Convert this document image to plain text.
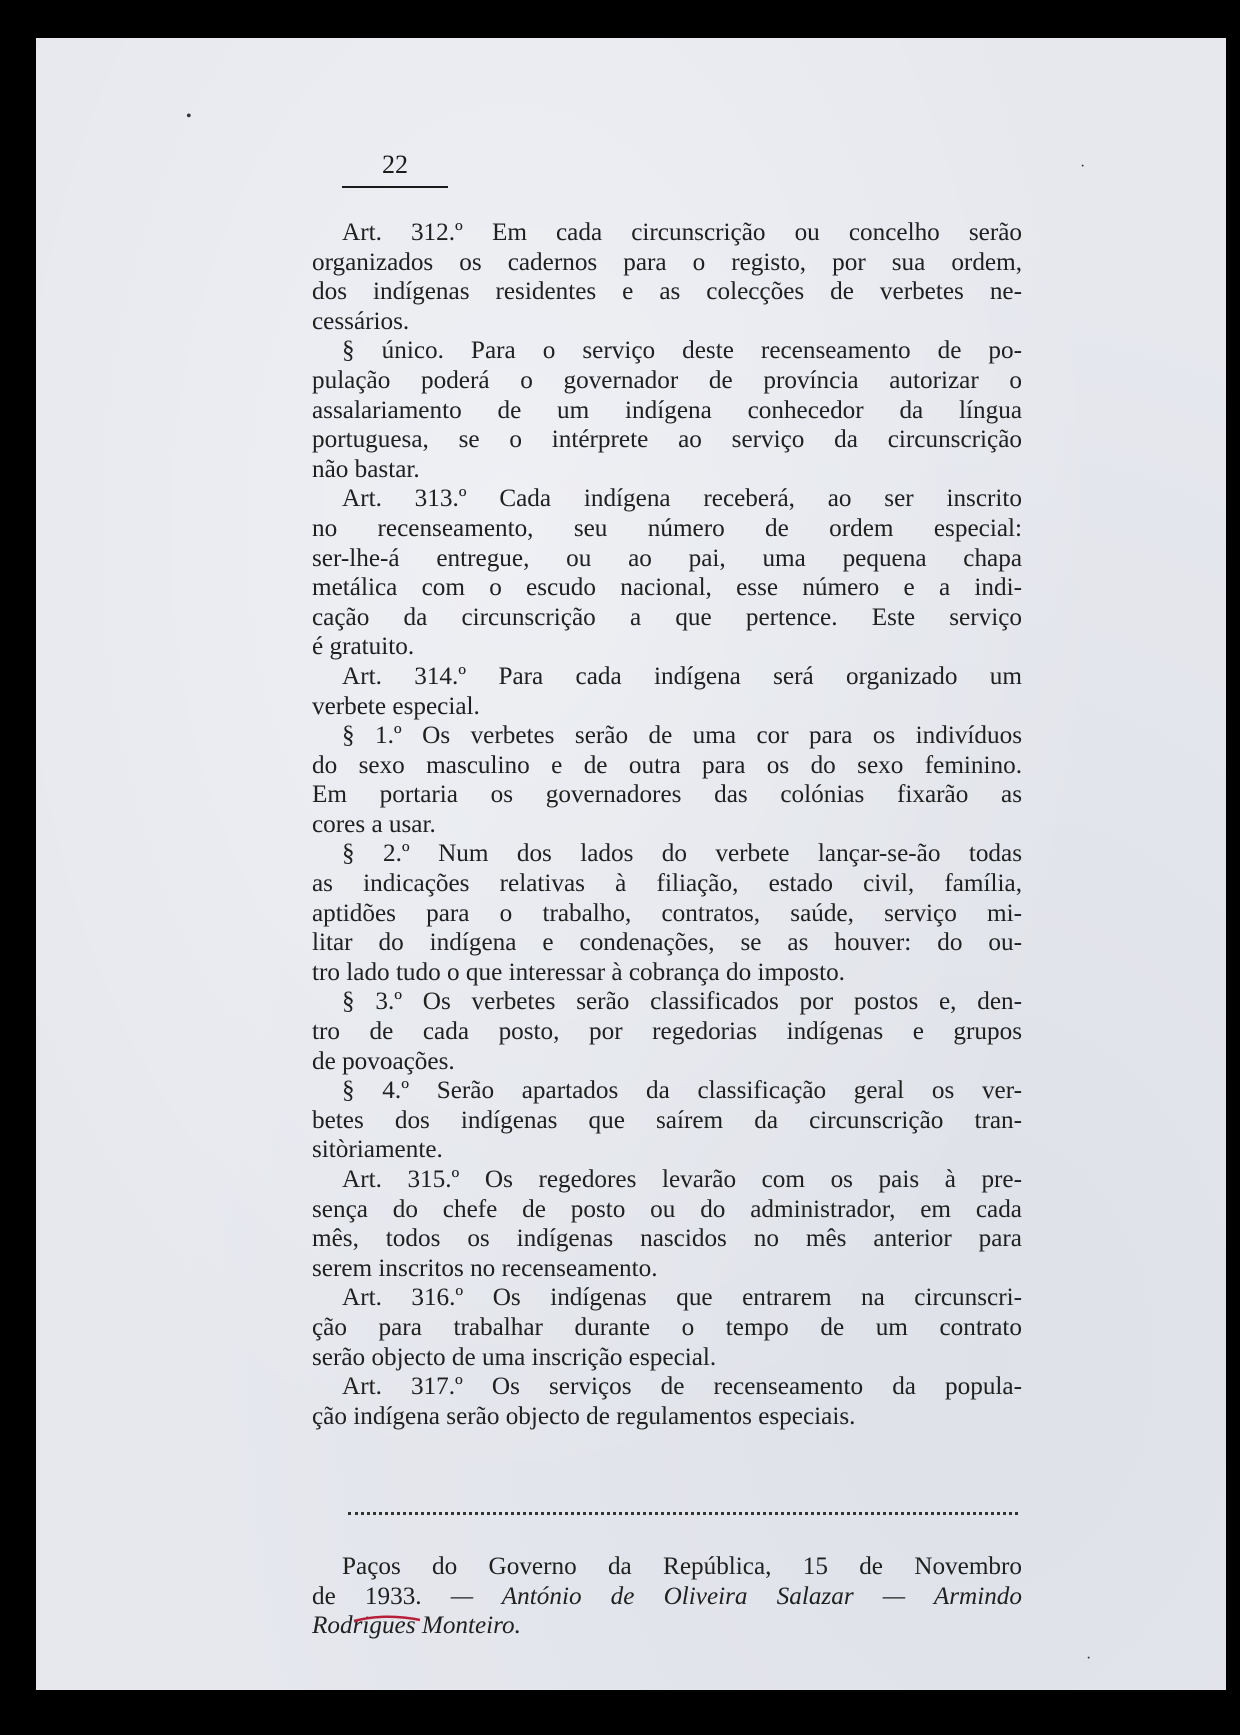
22
Art. 312.º Em cada circunscrição ou concelho serão
organizados os cadernos para o registo, por sua ordem,
dos indígenas residentes e as colecções de verbetes ne-
cessários.
§ único. Para o serviço deste recenseamento de po-
pulação poderá o governador de província autorizar o
assalariamento de um indígena conhecedor da língua
portuguesa, se o intérprete ao serviço da circunscrição
não bastar.
Art. 313.º Cada indígena receberá, ao ser inscrito
no recenseamento, seu número de ordem especial:
ser-lhe-á entregue, ou ao pai, uma pequena chapa
metálica com o escudo nacional, esse número e a indi-
cação da circunscrição a que pertence. Este serviço
é gratuito.
Art. 314.º Para cada indígena será organizado um
verbete especial.
§ 1.º Os verbetes serão de uma cor para os indivíduos
do sexo masculino e de outra para os do sexo feminino.
Em portaria os governadores das colónias fixarão as
cores a usar.
§ 2.º Num dos lados do verbete lançar-se-ão todas
as indicações relativas à filiação, estado civil, família,
aptidões para o trabalho, contratos, saúde, serviço mi-
litar do indígena e condenações, se as houver: do ou-
tro lado tudo o que interessar à cobrança do imposto.
§ 3.º Os verbetes serão classificados por postos e, den-
tro de cada posto, por regedorias indígenas e grupos
de povoações.
§ 4.º Serão apartados da classificação geral os ver-
betes dos indígenas que saírem da circunscrição tran-
sitòriamente.
Art. 315.º Os regedores levarão com os pais à pre-
sença do chefe de posto ou do administrador, em cada
mês, todos os indígenas nascidos no mês anterior para
serem inscritos no recenseamento.
Art. 316.º Os indígenas que entrarem na circunscri-
ção para trabalhar durante o tempo de um contrato
serão objecto de uma inscrição especial.
Art. 317.º Os serviços de recenseamento da popula-
ção indígena serão objecto de regulamentos especiais.
Paços do Governo da República, 15 de Novembro
de 1933. — António de Oliveira Salazar — Armindo
Rodrigues Monteiro.
•
·
·
